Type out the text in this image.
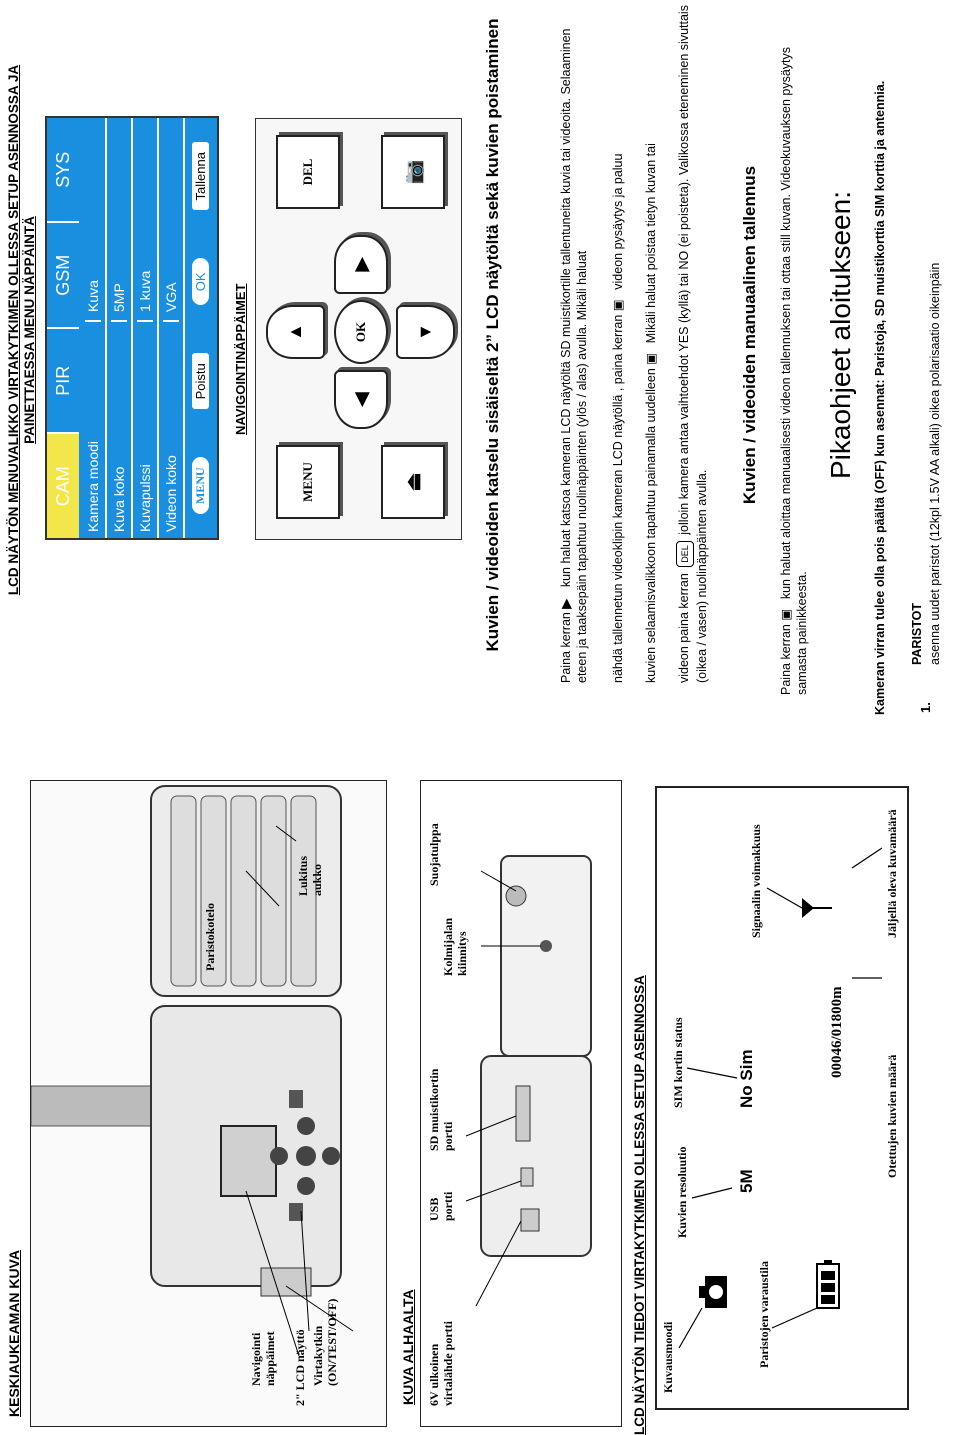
KESKIAUKEAMAN KUVA	2" LCD näyttö
Navigointi
näppäimet	Virtakytkin
(ON/TEST/OFF)
Paristokotelo
Lukitus
aukko
KUVA ALHAALTA 6V ulkoinen
virtalähde portti
USB
portti
SD muistikortin
portti
Kolmijalan
kiinnitys
Suojatulppa
LCD NÄYTÖN TIEDOT VIRTAKYTKIMEN OLLESSA SETUP ASENNOSSA Kuvausmoodi
Kuvien resoluutio
SIM kortin status
Paristojen varaustila
5M
No Sim
00046/01800m
Signaalin voimakkuus
Otettujen kuvien määrä
Jäljellä oleva kuvamäärä
LCD NÄYTÖN MENUVALIKKO VIRTAKYTKIMEN OLLESSA SETUP ASENNOSSA JA PAINETTAESSA MENU NÄPPÄINTÄ
CAM
PIR
GSM
SYS
Kamera moodi
Kuva
Kuva koko
5MP
Kuvapulssi
1 kuva
Videon koko
VGA
MENU
Poistu
OK
Tallenna
NAVIGOINTINÄPPÄIMET
MENU	⏏
DEL	📷
OK
▲	▼
◀
▶	Kuvien / videoiden katselu sisäiseltä 2” LCD näytöltä sekä kuvien poistaminen	Paina kerran ▶ kun haluat katsoa kameran LCD näytöltä SD muistikortille tallentuneita kuvia tai videoita. Selaaminen eteen ja taaksepäin tapahtuu nuolinäppäinten (ylös / alas) avulla. Mikäli haluat nähdä tallennetun videoklipin kameran LCD näytöllä , paina kerran ▣ videon pysäytys ja paluu
kuvien selaamisvalikkoon tapahtuu painamalla uudelleen ▣ Mikäli haluat poistaa tietyn kuvan tai
videon paina kerran DEL jolloin kamera antaa vaihtoehdot YES (kyllä) tai NO (ei poisteta). Valikossa eteneminen sivuttais (oikea / vasen) nuolinäppäinten avulla.
Kuvien / videoiden manuaalinen tallennus
Paina kerran ▣ kun haluat aloittaa manuaalisesti videon tallennuksen tai ottaa still kuvan. Videokuvauksen pysäytys samasta painikkeesta.
Pikaohjeet aloitukseen: Kameran virran tulee olla pois päältä (OFF) kun asennat: Paristoja, SD muistikorttia SIM korttia ja antennia. 1.
PARISTOT asenna uudet paristot (12kpl 1.5V AA alkali) oikea polarisaatio oikeinpäin
